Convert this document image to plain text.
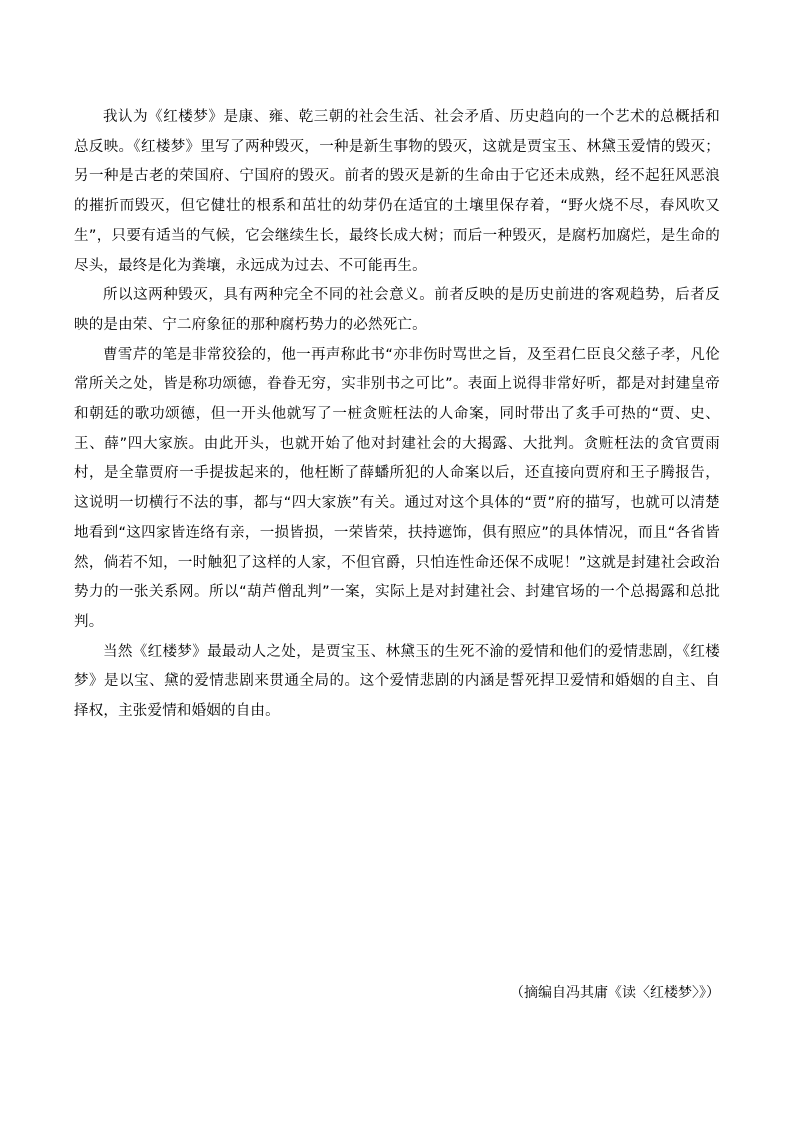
我认为《红楼梦》是康、雍、乾三朝的社会生活、社会矛盾、历史趋向的一个艺术的总概括和总反映。《红楼梦》里写了两种毁灭，一种是新生事物的毁灭，这就是贾宝玉、林黛玉爱情的毁灭；另一种是古老的荣国府、宁国府的毁灭。前者的毁灭是新的生命由于它还未成熟，经不起狂风恶浪的摧折而毁灭，但它健壮的根系和茁壮的幼芽仍在适宜的土壤里保存着，“野火烧不尽，春风吹又生”，只要有适当的气候，它会继续生长，最终长成大树；而后一种毁灭，是腐朽加腐烂，是生命的尽头，最终是化为粪壤，永远成为过去、不可能再生。

所以这两种毁灭，具有两种完全不同的社会意义。前者反映的是历史前进的客观趋势，后者反映的是由荣、宁二府象征的那种腐朽势力的必然死亡。

曹雪芹的笔是非常狡狯的，他一再声称此书“亦非伤时骂世之旨，及至君仁臣良父慈子孝，凡伦常所关之处，皆是称功颂德，眷眷无穷，实非别书之可比”。表面上说得非常好听，都是对封建皇帝和朝廷的歌功颂德，但一开头他就写了一桩贪赃枉法的人命案，同时带出了炙手可热的“贾、史、王、薛”四大家族。由此开头，也就开始了他对封建社会的大揭露、大批判。贪赃枉法的贪官贾雨村，是全靠贾府一手提拔起来的，他枉断了薛蟠所犯的人命案以后，还直接向贾府和王子腾报告，这说明一切横行不法的事，都与“四大家族”有关。通过对这个具体的“贾”府的描写，也就可以清楚地看到“这四家皆连络有亲，一损皆损，一荣皆荣，扶持遮饰，俱有照应”的具体情况，而且“各省皆然，倘若不知，一时触犯了这样的人家，不但官爵，只怕连性命还保不成呢！”这就是封建社会政治势力的一张关系网。所以“葫芦僧乱判”一案，实际上是对封建社会、封建官场的一个总揭露和总批判。

当然《红楼梦》最最动人之处，是贾宝玉、林黛玉的生死不渝的爱情和他们的爱情悲剧，《红楼梦》是以宝、黛的爱情悲剧来贯通全局的。这个爱情悲剧的内涵是誓死捍卫爱情和婚姻的自主、自择权，主张爱情和婚姻的自由。

（摘编自冯其庸《读〈红楼梦〉》）
